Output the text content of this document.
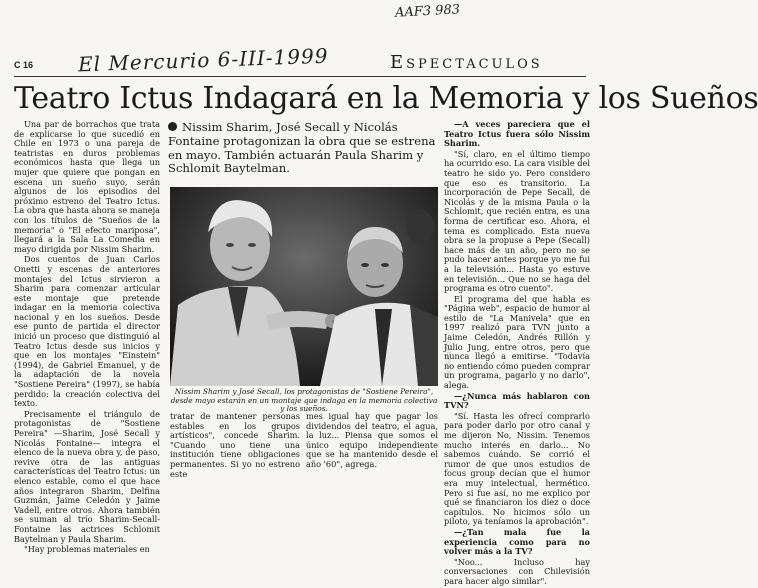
AAF3 983
C 16 El Mercurio 6-III-1999	Espectaculos
Teatro Ictus Indagará en la Memoria y los Sueños

Una par de borrachos que trata de explicarse lo que sucedió en Chile en 1973 o una pareja de teatristas en duros problemas económicos hasta que llega un mujer que quiere que pongan en escena un sueño suyo, serán algunos de los episodios del próximo estreno del Teatro Ictus. La obra que hasta ahora se maneja con los títulos de "Sueños de la memoria" o "El efecto mariposa", llegará a la Sala La Comedia en mayo dirigida por Nissim Sharim.

Dos cuentos de Juan Carlos Onetti y escenas de anteriores montajes del Ictus sirvieron a Sharim para comenzar articular este montaje que pretende indagar en la memoria colectiva nacional y en los sueños. Desde ese punto de partida el director inició un proceso que distinguió al Teatro Ictus desde sus inicios y que en los montajes "Einstein" (1994), de Gabriel Emanuel, y de la adaptación de la novela "Sostiene Pereira" (1997), se había perdido: la creación colectiva del texto.

Precisamente el triángulo de protagonistas de "Sostiene Pereira" —Sharim, José Secall y Nicolás Fontaine— integra el elenco de la nueva obra y, de paso, revive otra de las antiguas características del Teatro Ictus: un elenco estable, como el que hace años integraron Sharim, Delfina Guzmán, Jaime Celedón y Jaime Vadell, entre otros. Ahora también se suman al trío Sharim-Secall-Fontaine las actrices Schlomit Baytelman y Paula Sharim.

"Hay problemas materiales en

Nissim Sharim, José Secall y Nicolás Fontaine protagonizan la obra que se estrena en mayo. También actuarán Paula Sharim y Schlomit Baytelman.
EL MERCURIO
Nissim Sharim y José Secall, los protagonistas de "Sostiene Pereira", desde mayo estarán en un montaje que indaga en la memoria colectiva y los sueños.

tratar de mantener personas estables en los grupos artísticos", concede Sharim. "Cuando uno tiene una institución tiene obligaciones permanentes. Si yo no estreno este

mes igual hay que pagar los dividendos del teatro, el agua, la luz... Piensa que somos el único equipo independiente que se ha mantenido desde el año '60", agrega.

—A veces pareciera que el Teatro Ictus fuera sólo Nissim Sharim.

"Sí, claro, en el último tiempo ha ocurrido eso. La cara visible del teatro he sido yo. Pero considero que eso es transitorio. La incorporación de Pepe Secall, de Nicolás y de la misma Paula o la Schlomit, que recién entra, es una forma de certificar eso. Ahora, el tema es complicado. Esta nueva obra se la propuse a Pepe (Secall) hace más de un año, pero no se pudo hacer antes porque yo me fui a la televisión... Hasta yo estuve en televisión... Que no se haga del programa es otro cuento".

El programa del que habla es "Página web", espacio de humor al estilo de "La Manivela" que en 1997 realizó para TVN junto a Jaime Celedón, Andrés Rillón y Julio Jung, entre otros, pero que nunca llegó a emitirse. "Todavía no entiendo cómo pueden comprar un programa, pagarlo y no darlo", alega.

—¿Nunca más hablaron con TVN?

"Sí. Hasta les ofrecí comprarlo para poder darlo por otro canal y me dijeron No, Nissim. Tenemos mucho interés en darlo... No sabemos cuándo. Se corrió el rumor de que unos estudios de focus group decían que el humor era muy intelectual, hermético. Pero si fue así, no me explico por qué se financiaron los diez o doce capítulos. No hicimos sólo un piloto, ya teníamos la aprobación".

—¿Tan mala fue la experiencia como para no volver más a la TV?

"Noo... Incluso hay conversaciones con Chilevisión para hacer algo similar".
